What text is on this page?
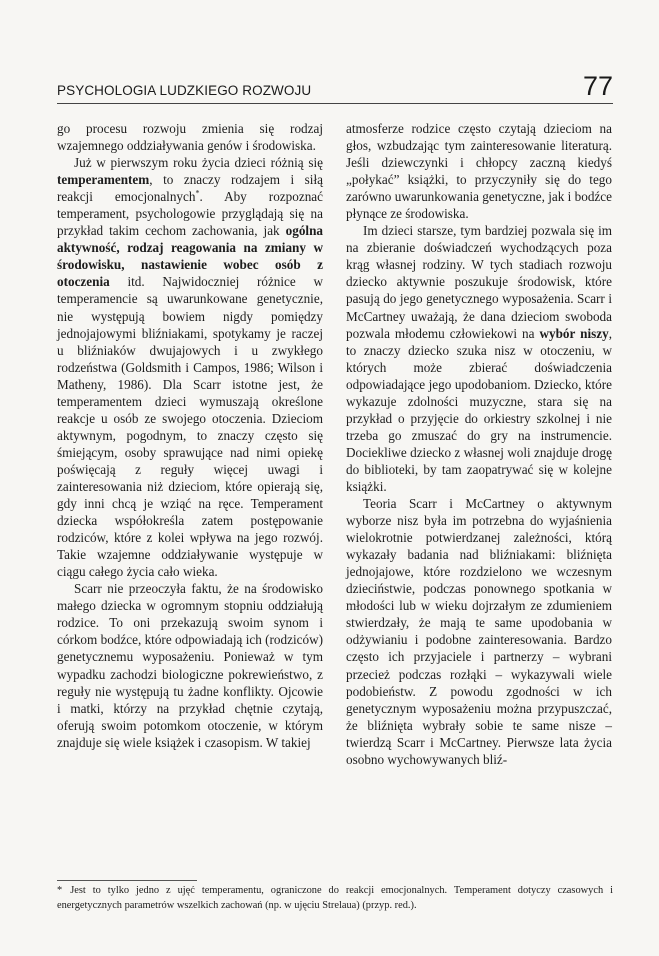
PSYCHOLOGIA LUDZKIEGO ROZWOJU	77

go procesu rozwoju zmienia się rodzaj wzajemnego oddziaływania genów i środowiska.

Już w pierwszym roku życia dzieci różnią się temperamentem, to znaczy rodzajem i siłą reakcji emocjonalnych*. Aby rozpoznać temperament, psychologowie przyglądają się na przykład takim cechom zachowania, jak ogólna aktywność, rodzaj reagowania na zmiany w środowisku, nastawienie wobec osób z otoczenia itd. Najwidoczniej różnice w temperamencie są uwarunkowane genetycznie, nie występują bowiem nigdy pomiędzy jednojajowymi bliźniakami, spotykamy je raczej u bliźniaków dwujajowych i u zwykłego rodzeństwa (Goldsmith i Campos, 1986; Wilson i Matheny, 1986). Dla Scarr istotne jest, że temperamentem dzieci wymuszają określone reakcje u osób ze swojego otoczenia. Dzieciom aktywnym, pogodnym, to znaczy często się śmiejącym, osoby sprawujące nad nimi opiekę poświęcają z reguły więcej uwagi i zainteresowania niż dzieciom, które opierają się, gdy inni chcą je wziąć na ręce. Temperament dziecka współokreśla zatem postępowanie rodziców, które z kolei wpływa na jego rozwój. Takie wzajemne oddziaływanie występuje w ciągu całego życia cało wieka.

Scarr nie przeoczyła faktu, że na środowisko małego dziecka w ogromnym stopniu oddziałują rodzice. To oni przekazują swoim synom i córkom bodźce, które odpowiadają ich (rodziców) genetycznemu wyposażeniu. Ponieważ w tym wypadku zachodzi biologiczne pokrewieństwo, z reguły nie występują tu żadne konflikty. Ojcowie i matki, którzy na przykład chętnie czytają, oferują swoim potomkom otoczenie, w którym znajduje się wiele książek i czasopism. W takiej

atmosferze rodzice często czytają dzieciom na głos, wzbudzając tym zainteresowanie literaturą. Jeśli dziewczynki i chłopcy zaczną kiedyś „połykać” książki, to przyczyniły się do tego zarówno uwarunkowania genetyczne, jak i bodźce płynące ze środowiska.

Im dzieci starsze, tym bardziej pozwala się im na zbieranie doświadczeń wychodzących poza krąg własnej rodziny. W tych stadiach rozwoju dziecko aktywnie poszukuje środowisk, które pasują do jego genetycznego wyposażenia. Scarr i McCartney uważają, że dana dzieciom swoboda pozwala młodemu człowiekowi na wybór niszy, to znaczy dziecko szuka nisz w otoczeniu, w których może zbierać doświadczenia odpowiadające jego upodobaniom. Dziecko, które wykazuje zdolności muzyczne, stara się na przykład o przyjęcie do orkiestry szkolnej i nie trzeba go zmuszać do gry na instrumencie. Dociekliwe dziecko z własnej woli znajduje drogę do biblioteki, by tam zaopatrywać się w kolejne książki.

Teoria Scarr i McCartney o aktywnym wyborze nisz była im potrzebna do wyjaśnienia wielokrotnie potwierdzanej zależności, którą wykazały badania nad bliźniakami: bliźnięta jednojajowe, które rozdzielono we wczesnym dzieciństwie, podczas ponownego spotkania w młodości lub w wieku dojrzałym ze zdumieniem stwierdzały, że mają te same upodobania w odżywianiu i podobne zainteresowania. Bardzo często ich przyjaciele i partnerzy – wybrani przecież podczas rozłąki – wykazywali wiele podobieństw. Z powodu zgodności w ich genetycznym wyposażeniu można przypuszczać, że bliźnięta wybrały sobie te same nisze – twierdzą Scarr i McCartney. Pierwsze lata życia osobno wychowywanych bliź-

* Jest to tylko jedno z ujęć temperamentu, ograniczone do reakcji emocjonalnych. Temperament dotyczy czasowych i energetycznych parametrów wszelkich zachowań (np. w ujęciu Strelaua) (przyp. red.).
